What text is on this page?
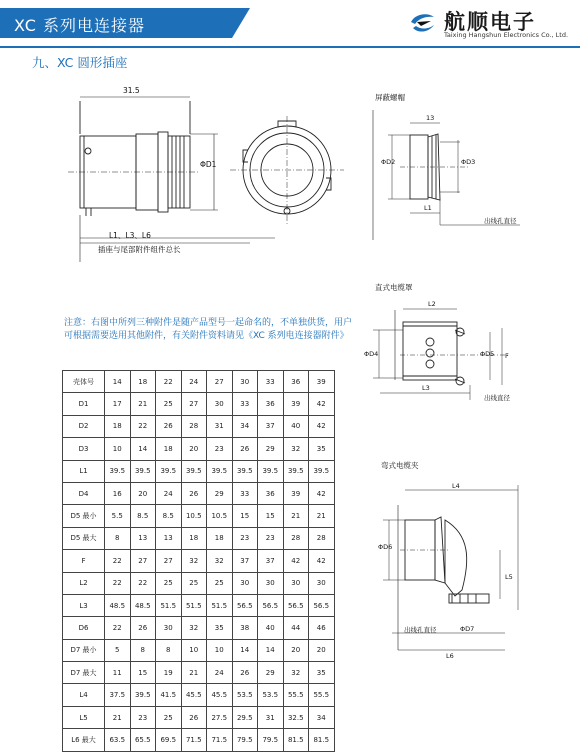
XC 系列电连接器	航顺电子
Taixing Hangshun Electronics Co., Ltd.
九、XC 圆形插座
31.5
ΦD1
L1、L3、L6
插座与尾部附件组件总长
屏蔽螺帽
13
ΦD2	ΦD3
L1
出线孔直径
直式电缆罩
L2
ΦD4	ΦD5 F
L3
出线直径
弯式电缆夹
L4
ΦD6
L5
出线孔直径	ΦD7
L6
注意：右图中所列三种附件是随产品型号一起命名的，不单独供货，用户可根据需要选用其他附件，有关附件资料请见《XC 系列电连接器附件》
壳体号	14	18	22	24	27	30	33	36	39
D1	17	21	25	27	30	33	36	39	42
D2	18	22	26	28	31	34	37	40	42
D3	10	14	18	20	23	26	29	32	35
L1	39.5	39.5	39.5	39.5	39.5	39.5	39.5	39.5	39.5
D4	16	20	24	26	29	33	36	39	42
D5 最小	5.5	8.5	8.5	10.5	10.5	15	15	21	21
D5 最大	8	13	13	18	18	23	23	28	28
F	22	27	27	32	32	37	37	42	42
L2	22	22	25	25	25	30	30	30	30
L3	48.5	48.5	51.5	51.5	51.5	56.5	56.5	56.5	56.5
D6	22	26	30	32	35	38	40	44	46
D7 最小	5	8	8	10	10	14	14	20	20
D7 最大	11	15	19	21	24	26	29	32	35
L4	37.5	39.5	41.5	45.5	45.5	53.5	53.5	55.5	55.5
L5	21	23	25	26	27.5	29.5	31	32.5	34
L6 最大	63.5	65.5	69.5	71.5	71.5	79.5	79.5	81.5	81.5
